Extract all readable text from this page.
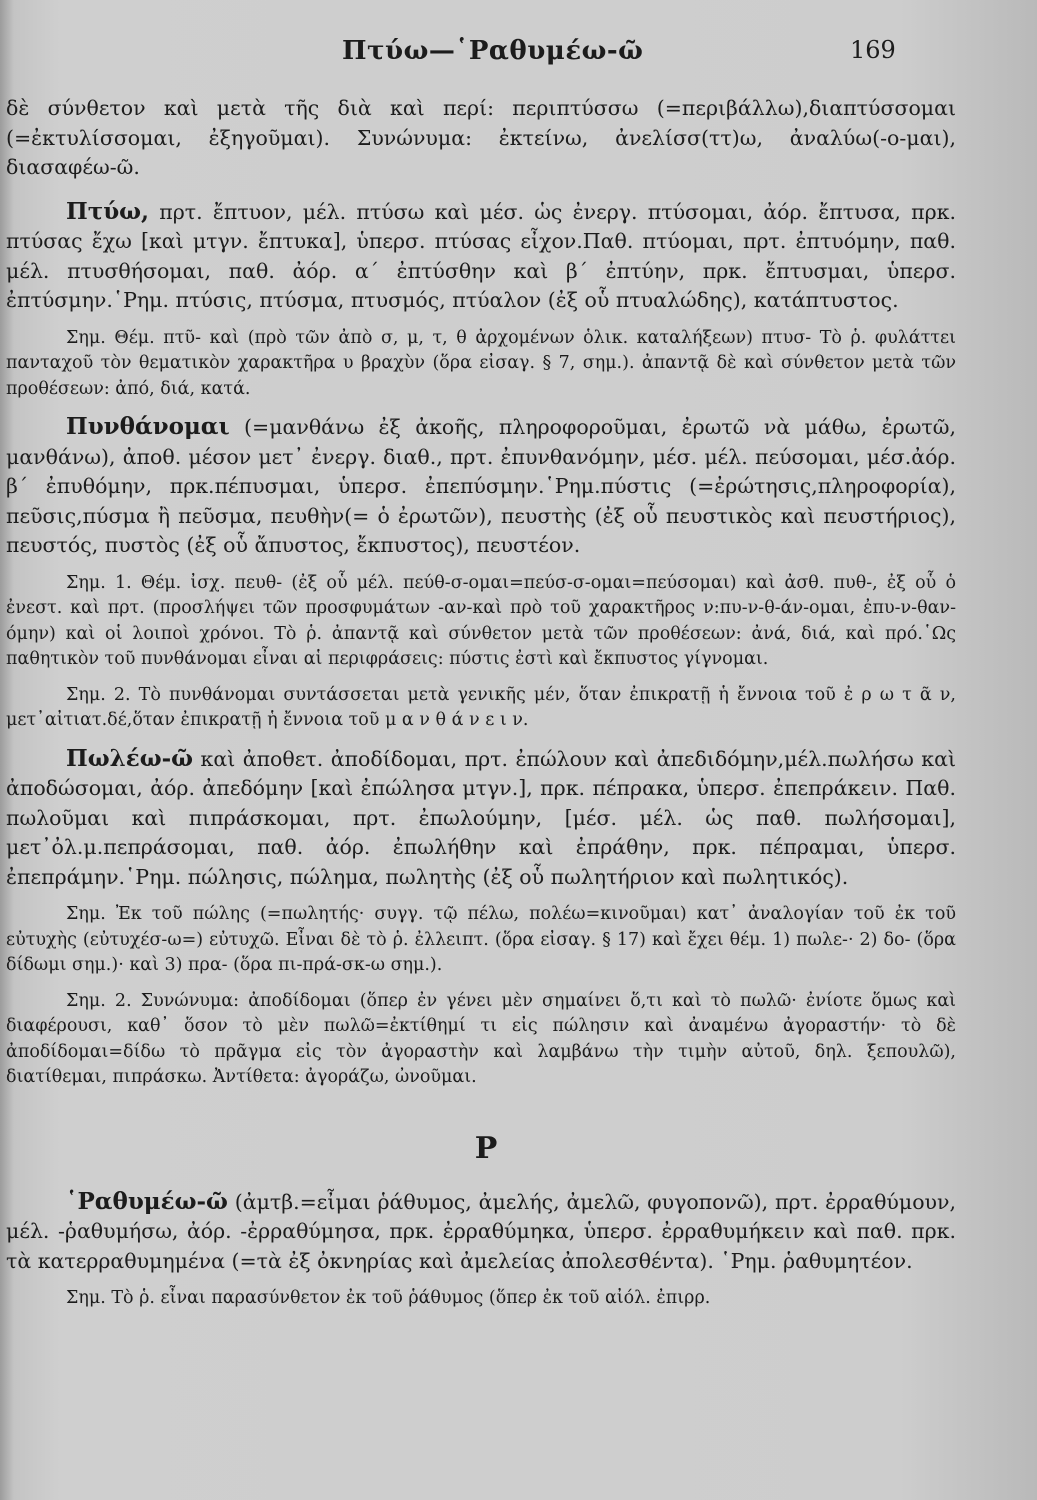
Πτύω—῾Ραθυμέω-ῶ	169

δὲ σύνθετον καὶ μετὰ τῆς διὰ καὶ περί: περιπτύσσω (=περιβάλλω),διαπτύσσομαι (=ἐκτυλίσσομαι, ἐξηγοῦμαι). Συνώνυμα: ἐκτείνω, ἀνελίσσ(ττ)ω, ἀναλύω(-ο-μαι), διασαφέω-ῶ.

Πτύω, πρτ. ἔπτυον, μέλ. πτύσω καὶ μέσ. ὡς ἐνεργ. πτύσομαι, ἀόρ. ἔπτυσα, πρκ. πτύσας ἔχω [καὶ μτγν. ἔπτυκα], ὑπερσ. πτύσας εἶχον.Παθ. πτύομαι, πρτ. ἐπτυόμην, παθ. μέλ. πτυσθήσομαι, παθ. ἀόρ. α΄ ἐπτύσθην καὶ β΄ ἐπτύην, πρκ. ἔπτυσμαι, ὑπερσ. ἐπτύσμην.῾Ρημ. πτύσις, πτύσμα, πτυσμός, πτύαλον (ἐξ οὗ πτυαλώδης), κατάπτυστος.

Σημ. Θέμ. πτῦ- καὶ (πρὸ τῶν ἀπὸ σ, μ, τ, θ ἀρχομένων ὁλικ. καταλήξεων) πτυσ- Τὸ ῥ. φυλάττει πανταχοῦ τὸν θεματικὸν χαρακτῆρα υ βραχὺν (ὅρα εἰσαγ. § 7, σημ.). ἀπαντᾷ δὲ καὶ σύνθετον μετὰ τῶν προθέσεων: ἀπό, διά, κατά.

Πυνθάνομαι (=μανθάνω ἐξ ἀκοῆς, πληροφοροῦμαι, ἐρωτῶ νὰ μάθω, ἐρωτῶ, μανθάνω), ἀποθ. μέσον μετ᾽ ἐνεργ. διαθ., πρτ. ἐπυνθανόμην, μέσ. μέλ. πεύσομαι, μέσ.ἀόρ. β΄ ἐπυθόμην, πρκ.πέπυσμαι, ὑπερσ. ἐπεπύσμην.῾Ρημ.πύστις (=ἐρώτησις,πληροφορία), πεῦσις,πύσμα ἢ πεῦσμα, πευθὴν(= ὁ ἐρωτῶν), πευστὴς (ἐξ οὗ πευστικὸς καὶ πευστήριος), πευστός, πυστὸς (ἐξ οὗ ἄπυστος, ἔκπυστος), πευστέον.

Σημ. 1. Θέμ. ἰσχ. πευθ- (ἐξ οὗ μέλ. πεύθ-σ-ομαι=πεύσ-σ-ομαι=πεύσομαι) καὶ ἀσθ. πυθ-, ἐξ οὗ ὁ ἐνεστ. καὶ πρτ. (προσλήψει τῶν προσφυμάτων -αν-καὶ πρὸ τοῦ χαρακτῆρος ν:πυ-ν-θ-άν-ομαι, ἐπυ-ν-θαν-όμην) καὶ οἱ λοιποὶ χρόνοι. Τὸ ῥ. ἀπαντᾷ καὶ σύνθετον μετὰ τῶν προθέσεων: ἀνά, διά, καὶ πρό.῾Ως παθητικὸν τοῦ πυνθάνομαι εἶναι αἱ περιφράσεις: πύστις ἐστὶ καὶ ἔκπυστος γίγνομαι.

Σημ. 2. Τὸ πυνθάνομαι συντάσσεται μετὰ γενικῆς μέν, ὅταν ἐπικρατῇ ἡ ἔννοια τοῦ ἐ ρ ω τ ᾶ ν, μετ᾽αἰτιατ.δέ,ὅταν ἐπικρατῇ ἡ ἔννοια τοῦ μ α ν θ ά ν ε ι ν.

Πωλέω-ῶ καὶ ἀποθετ. ἀποδίδομαι, πρτ. ἐπώλουν καὶ ἀπεδιδόμην,μέλ.πωλήσω καὶ ἀποδώσομαι, ἀόρ. ἀπεδόμην [καὶ ἐπώλησα μτγν.], πρκ. πέπρακα, ὑπερσ. ἐπεπράκειν. Παθ. πωλοῦμαι καὶ πιπράσκομαι, πρτ. ἐπωλούμην, [μέσ. μέλ. ὡς παθ. πωλήσομαι], μετ᾽ὀλ.μ.πεπράσομαι, παθ. ἀόρ. ἐπωλήθην καὶ ἐπράθην, πρκ. πέπραμαι, ὑπερσ. ἐπεπράμην.῾Ρημ. πώλησις, πώλημα, πωλητὴς (ἐξ οὗ πωλητήριον καὶ πωλητικός).

Σημ. Ἐκ τοῦ πώλης (=πωλητής· συγγ. τῷ πέλω, πολέω=κινοῦμαι) κατ᾽ ἀναλογίαν τοῦ ἐκ τοῦ εὐτυχὴς (εὐτυχέσ-ω=) εὐτυχῶ. Εἶναι δὲ τὸ ῥ. ἐλλειπτ. (ὅρα εἰσαγ. § 17) καὶ ἔχει θέμ. 1) πωλε-· 2) δο- (ὅρα δίδωμι σημ.)· καὶ 3) πρα- (ὅρα πι-πρά-σκ-ω σημ.).

Σημ. 2. Συνώνυμα: ἀποδίδομαι (ὅπερ ἐν γένει μὲν σημαίνει ὅ,τι καὶ τὸ πωλῶ· ἐνίοτε ὅμως καὶ διαφέρουσι, καθ᾽ ὅσον τὸ μὲν πωλῶ=ἐκτίθημί τι εἰς πώλησιν καὶ ἀναμένω ἀγοραστήν· τὸ δὲ ἀποδίδομαι=δίδω τὸ πρᾶγμα εἰς τὸν ἀγοραστὴν καὶ λαμβάνω τὴν τιμὴν αὐτοῦ, δηλ. ξεπουλῶ), διατίθεμαι, πιπράσκω. Ἀντίθετα: ἀγοράζω, ὠνοῦμαι.

Ρ

῾Ραθυμέω-ῶ (ἀμτβ.=εἶμαι ῥάθυμος, ἀμελής, ἀμελῶ, φυγοπονῶ), πρτ. ἐρραθύμουν, μέλ. -ῥαθυμήσω, ἀόρ. -ἐρραθύμησα, πρκ. ἐρραθύμηκα, ὑπερσ. ἐρραθυμήκειν καὶ παθ. πρκ. τὰ κατερραθυμημένα (=τὰ ἐξ ὀκνηρίας καὶ ἀμελείας ἀπολεσθέντα). ῾Ρημ. ῥαθυμητέον.

Σημ. Τὸ ῥ. εἶναι παρασύνθετον ἐκ τοῦ ῥάθυμος (ὅπερ ἐκ τοῦ αἰόλ. ἐπιρρ.
